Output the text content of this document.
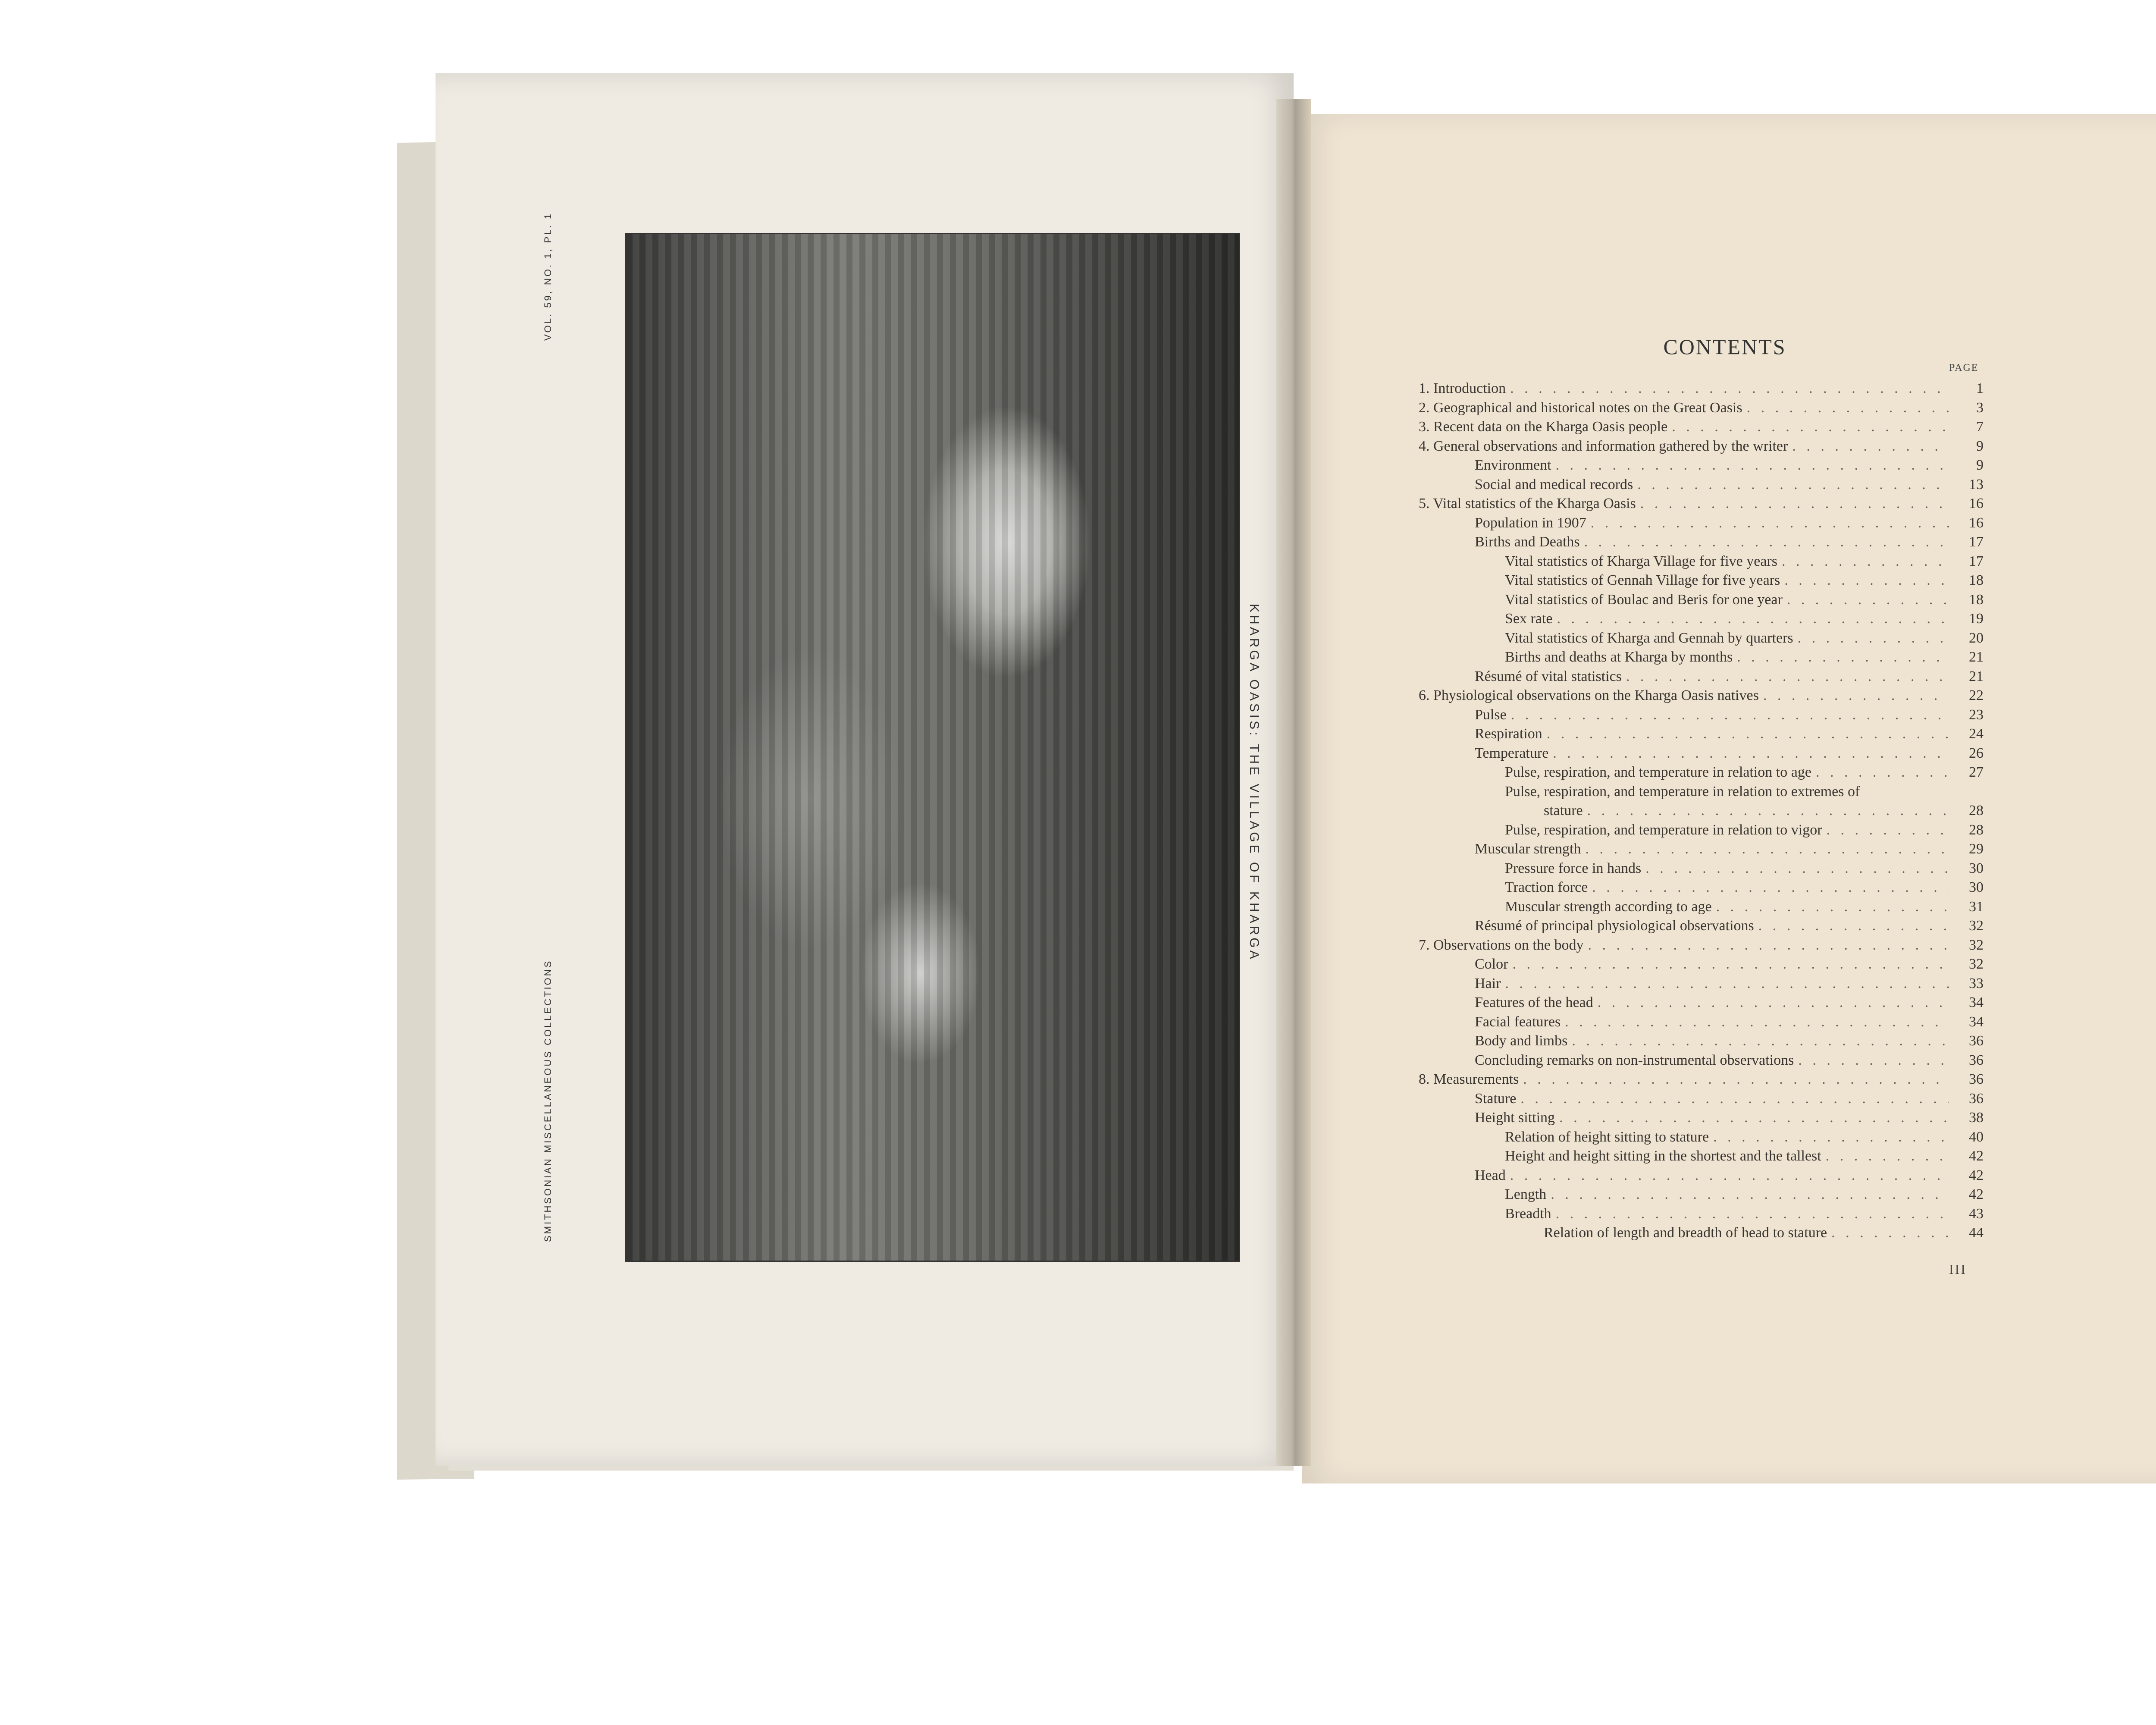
SMITHSONIAN MISCELLANEOUS COLLECTIONS
VOL. 59, NO. 1, PL. 1
KHARGA OASIS: THE VILLAGE OF KHARGA
CONTENTS
PAGE
1. Introduction . . .	1
2. Geographical and historical notes on the Great Oasis . . .	3
3. Recent data on the Kharga Oasis people . . .	7
4. General observations and information gathered by the writer . . .	9
Environment . . .	9
Social and medical records . . .	13
5. Vital statistics of the Kharga Oasis . . .	16
Population in 1907 . . .	16
Births and Deaths . . .	17
Vital statistics of Kharga Village for five years . . .	17
Vital statistics of Gennah Village for five years . . .	18
Vital statistics of Boulac and Beris for one year . . .	18
Sex rate . . .	19
Vital statistics of Kharga and Gennah by quarters . . .	20
Births and deaths at Kharga by months . . .	21
Résumé of vital statistics . . .	21
6. Physiological observations on the Kharga Oasis natives . . .	22
Pulse . . .	23
Respiration . . .	24
Temperature . . .	26
Pulse, respiration, and temperature in relation to age . . .	27
Pulse, respiration, and temperature in relation to extremes of
stature . . .	28
Pulse, respiration, and temperature in relation to vigor . . .	28
Muscular strength . . .	29
Pressure force in hands . . .	30
Traction force . . .	30
Muscular strength according to age . . .	31
Résumé of principal physiological observations . . .	32
7. Observations on the body . . .	32
Color . . .	32
Hair . . .	33
Features of the head . . .	34
Facial features . . .	34
Body and limbs . . .	36
Concluding remarks on non-instrumental observations . . .	36
8. Measurements . . .	36
Stature . . .	36
Height sitting . . .	38
Relation of height sitting to stature . . .	40
Height and height sitting in the shortest and the tallest . . .	42
Head . . .	42
Length . . .	42
Breadth . . .	43
Relation of length and breadth of head to stature . . .	44
III
